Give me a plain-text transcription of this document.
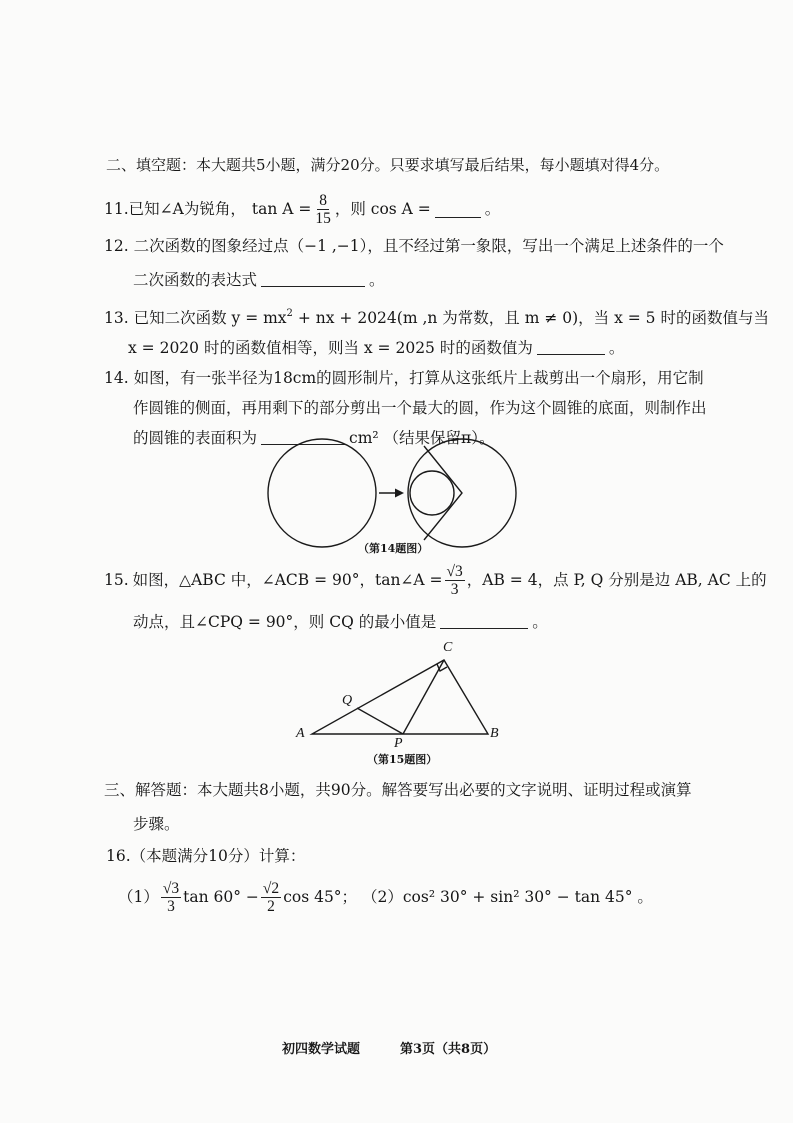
二、填空题：本大题共5小题，满分20分。只要求填写最后结果，每小题填对得4分。
11. 已知∠A为锐角， $\tan A = \frac{8}{15}$ ，则 cos A =	。
12. 二次函数的图象经过点（−1 ,−1），且不经过第一象限，写出一个满足上述条件的一个
二次函数的表达式	。
13. 已知二次函数 $y = mx^2$ + nx + 2024(m ,n 为常数，且 m ≠ 0)，当 x = 5 时的函数值与当
x = 2020 时的函数值相等，则当 x = 2025 时的函数值为	。
14. 如图，有一张半径为18cm的圆形制片，打算从这张纸片上裁剪出一个扇形，用它制
作圆锥的侧面，再用剩下的部分剪出一个最大的圆，作为这个圆锥的底面，则制作出
的圆锥的表面积为	cm² （结果保留π）。
（第14题图）
15. 如图，△ABC 中，∠ACB = 90°，tan∠A = $\frac{√3}{3}$ ，AB = 4，点 P, Q 分别是边 AB, AC 上的
动点，且∠CPQ = 90°，则 CQ 的最小值是	。
A	B
C
P
Q
（第15题图）
三、解答题：本大题共8小题，共90分。解答要写出必要的文字说明、证明过程或演算
步骤。
16.（本题满分10分）计算：
$(1) \frac{√3}{3}$ $\tan 60^\circ - \frac{√2}{2}$ cos 45°； （2）cos² 30° + sin² 30° − tan 45° 。
初四数学试题	第3页（共8页）
